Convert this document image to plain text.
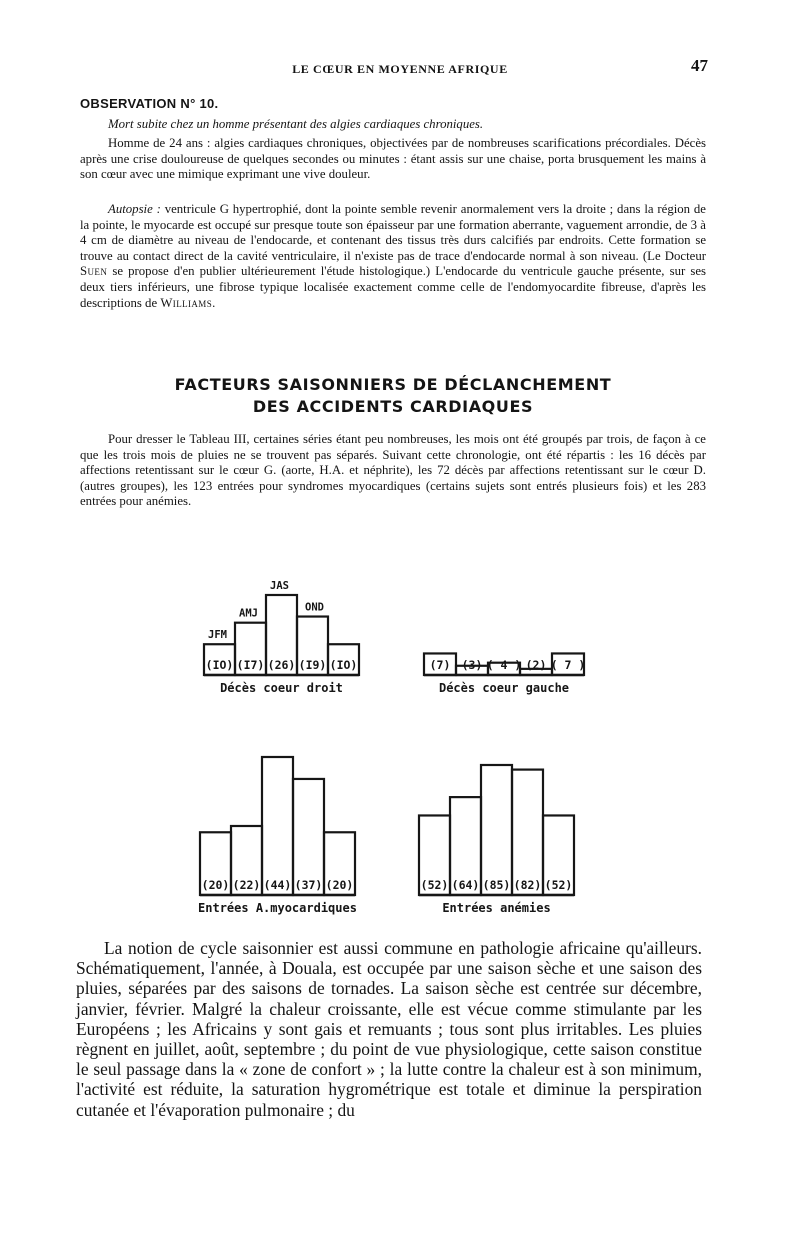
LE CŒUR EN MOYENNE AFRIQUE	47
OBSERVATION N° 10.

Mort subite chez un homme présentant des algies cardiaques chroniques.

Homme de 24 ans : algies cardiaques chroniques, objectivées par de nombreuses scarifications précordiales. Décès après une crise douloureuse de quelques secondes ou minutes : étant assis sur une chaise, porta brusquement les mains à son cœur avec une mimique exprimant une vive douleur.

Autopsie : ventricule G hypertrophié, dont la pointe semble revenir anormalement vers la droite ; dans la région de la pointe, le myocarde est occupé sur presque toute son épaisseur par une formation aberrante, vaguement arrondie, de 3 à 4 cm de diamètre au niveau de l'endocarde, et contenant des tissus très durs calcifiés par endroits. Cette formation se trouve au contact direct de la cavité ventriculaire, il n'existe pas de trace d'endocarde normal à son niveau. (Le Docteur Suen se propose d'en publier ultérieurement l'étude histologique.) L'endocarde du ventricule gauche présente, sur ses deux tiers inférieurs, une fibrose typique localisée exactement comme celle de l'endomyocardite fibreuse, d'après les descriptions de Williams.

FACTEURS SAISONNIERS DE DÉCLANCHEMENT
DES ACCIDENTS CARDIAQUES

Pour dresser le Tableau III, certaines séries étant peu nombreuses, les mois ont été groupés par trois, de façon à ce que les trois mois de pluies ne se trouvent pas séparés. Suivant cette chronologie, ont été répartis : les 16 décès par affections retentissant sur le cœur G. (aorte, H.A. et néphrite), les 72 décès par affections retentissant sur le cœur D. (autres groupes), les 123 entrées pour syndromes myocardiques (certains sujets sont entrés plusieurs fois) et les 283 entrées pour anémies.

(IO)
JFM
(I7)
AMJ
(26)
JAS
(I9)
OND
(IO)
Décès coeur droit
(7) (3) ( 4 ) (2) ( 7 )
Décès coeur gauche
(20) (22) (44) (37) (20)
Entrées A.myocardiques
(52) (64) (85) (82) (52)
Entrées anémies

La notion de cycle saisonnier est aussi commune en pathologie africaine qu'ailleurs. Schématiquement, l'année, à Douala, est occupée par une saison sèche et une saison des pluies, séparées par des saisons de tornades. La saison sèche est centrée sur décembre, janvier, février. Malgré la chaleur croissante, elle est vécue comme stimulante par les Européens ; les Africains y sont gais et remuants ; tous sont plus irritables. Les pluies règnent en juillet, août, septembre ; du point de vue physiologique, cette saison constitue le seul passage dans la « zone de confort » ; la lutte contre la chaleur est à son minimum, l'activité est réduite, la saturation hygrométrique est totale et diminue la perspiration cutanée et l'évaporation pulmonaire ; du
